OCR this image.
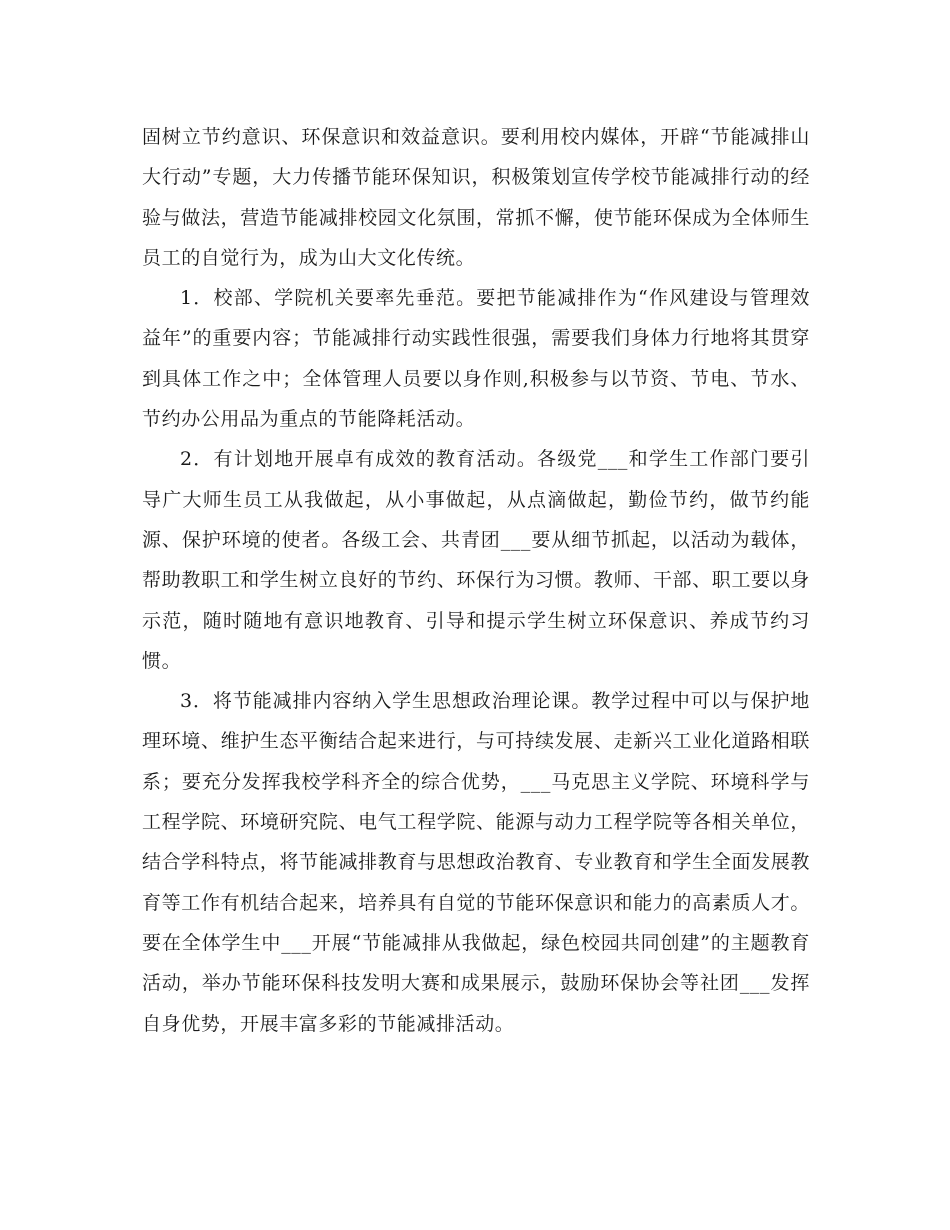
固树立节约意识、环保意识和效益意识。要利用校内媒体，开辟“节能减排山大行动”专题，大力传播节能环保知识，积极策划宣传学校节能减排行动的经验与做法，营造节能减排校园文化氛围，常抓不懈，使节能环保成为全体师生员工的自觉行为，成为山大文化传统。

1．校部、学院机关要率先垂范。要把节能减排作为“作风建设与管理效益年”的重要内容；节能减排行动实践性很强，需要我们身体力行地将其贯穿到具体工作之中；全体管理人员要以身作则,积极参与以节资、节电、节水、节约办公用品为重点的节能降耗活动。

2．有计划地开展卓有成效的教育活动。各级党___和学生工作部门要引导广大师生员工从我做起，从小事做起，从点滴做起，勤俭节约，做节约能源、保护环境的使者。各级工会、共青团___要从细节抓起，以活动为载体，帮助教职工和学生树立良好的节约、环保行为习惯。教师、干部、职工要以身示范，随时随地有意识地教育、引导和提示学生树立环保意识、养成节约习惯。

3．将节能减排内容纳入学生思想政治理论课。教学过程中可以与保护地理环境、维护生态平衡结合起来进行，与可持续发展、走新兴工业化道路相联系；要充分发挥我校学科齐全的综合优势，___马克思主义学院、环境科学与工程学院、环境研究院、电气工程学院、能源与动力工程学院等各相关单位，结合学科特点，将节能减排教育与思想政治教育、专业教育和学生全面发展教育等工作有机结合起来，培养具有自觉的节能环保意识和能力的高素质人才。要在全体学生中___开展“节能减排从我做起，绿色校园共同创建”的主题教育活动，举办节能环保科技发明大赛和成果展示，鼓励环保协会等社团___发挥自身优势，开展丰富多彩的节能减排活动。
